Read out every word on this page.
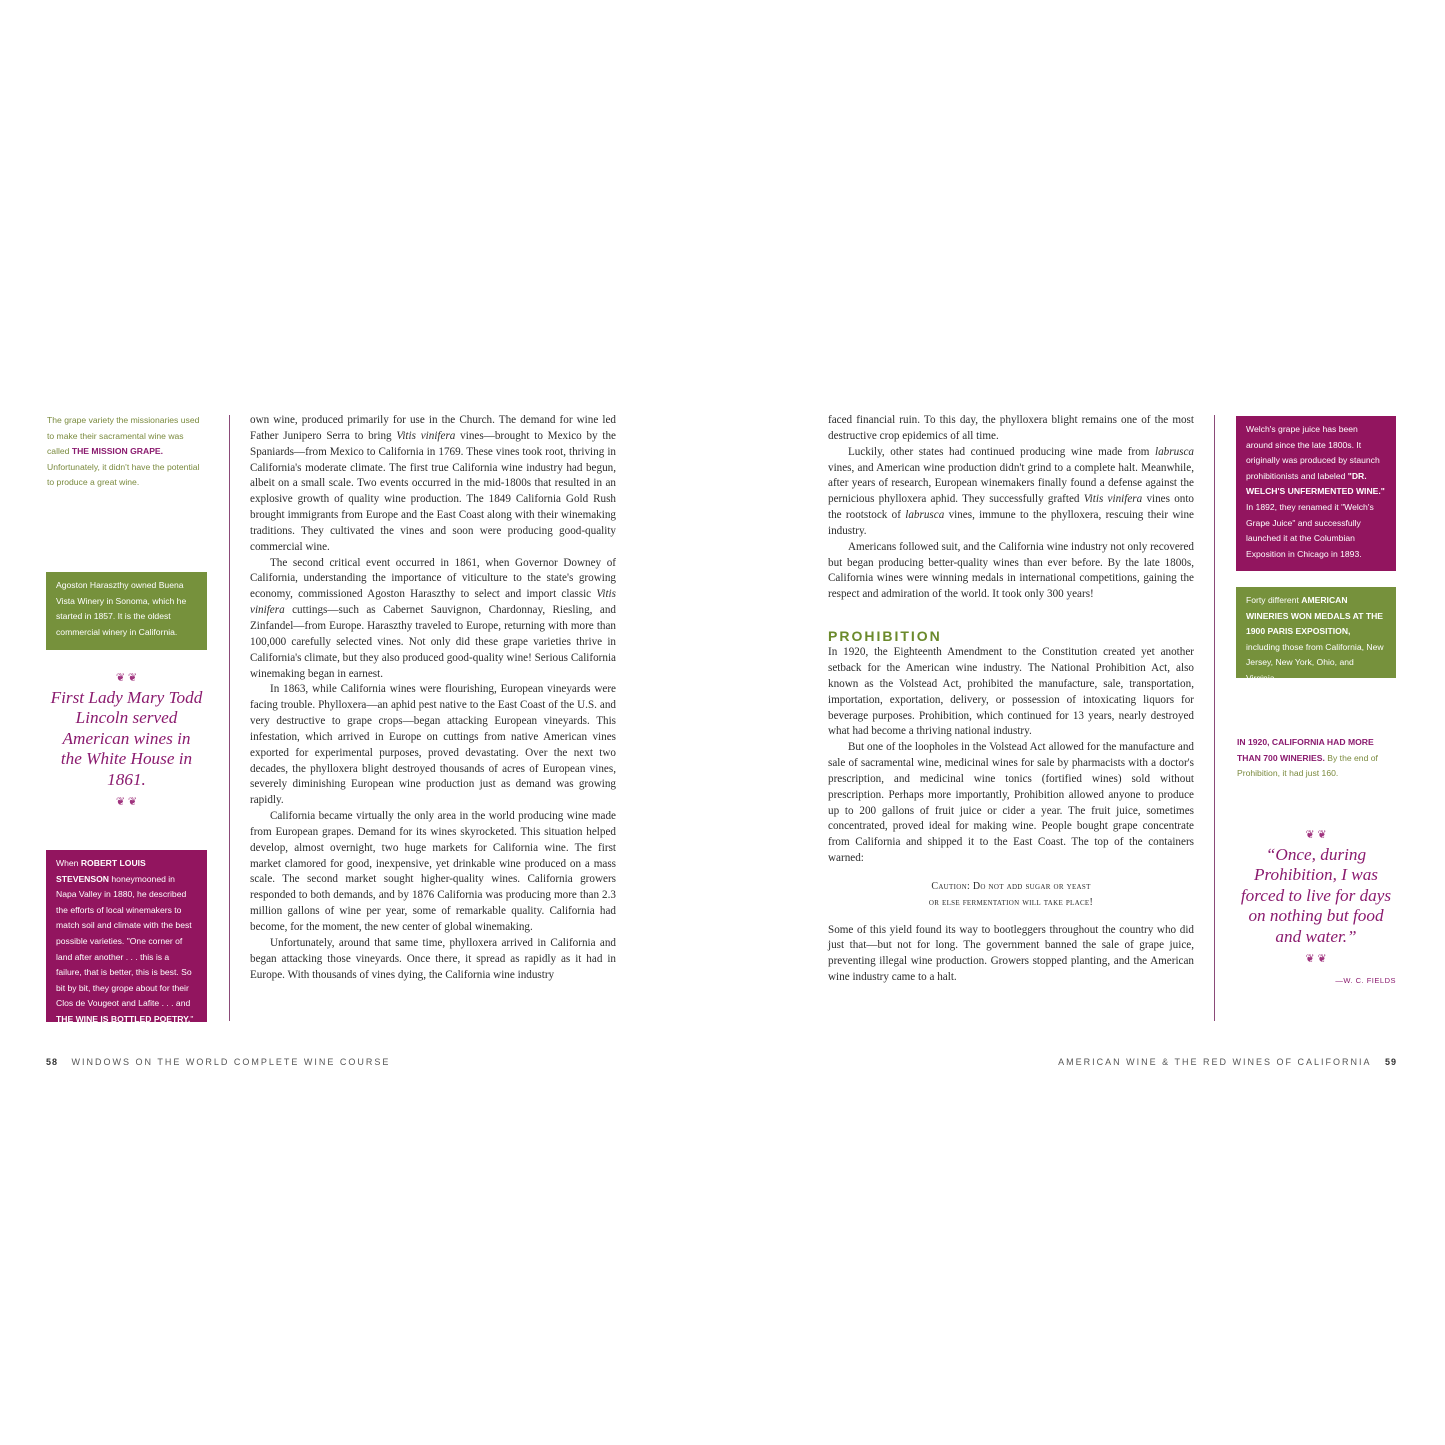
The grape variety the missionaries used to make their sacramental wine was called THE MISSION GRAPE. Unfortunately, it didn't have the potential to produce a great wine.
Agoston Haraszthy owned Buena Vista Winery in Sonoma, which he started in 1857. It is the oldest commercial winery in California.
❦ ❦
First Lady Mary Todd Lincoln served American wines in the White House in 1861.
❦ ❦
When ROBERT LOUIS STEVENSON honeymooned in Napa Valley in 1880, he described the efforts of local winemakers to match soil and climate with the best possible varieties. "One corner of land after another . . . this is a failure, that is better, this is best. So bit by bit, they grope about for their Clos de Vougeot and Lafite . . . and THE WINE IS BOTTLED POETRY."

own wine, produced primarily for use in the Church. The demand for wine led Father Junipero Serra to bring Vitis vinifera vines—brought to Mexico by the Spaniards—from Mexico to California in 1769. These vines took root, thriving in California's moderate climate. The first true California wine industry had begun, albeit on a small scale. Two events occurred in the mid-1800s that resulted in an explosive growth of quality wine production. The 1849 California Gold Rush brought immigrants from Europe and the East Coast along with their winemaking traditions. They cultivated the vines and soon were producing good-quality commercial wine.

The second critical event occurred in 1861, when Governor Downey of California, understanding the importance of viticulture to the state's growing economy, commissioned Agoston Haraszthy to select and import classic Vitis vinifera cuttings—such as Cabernet Sauvignon, Chardonnay, Riesling, and Zinfandel—from Europe. Haraszthy traveled to Europe, returning with more than 100,000 carefully selected vines. Not only did these grape varieties thrive in California's climate, but they also produced good-quality wine! Serious California winemaking began in earnest.

In 1863, while California wines were flourishing, European vineyards were facing trouble. Phylloxera—an aphid pest native to the East Coast of the U.S. and very destructive to grape crops—began attacking European vineyards. This infestation, which arrived in Europe on cuttings from native American vines exported for experimental purposes, proved devastating. Over the next two decades, the phylloxera blight destroyed thousands of acres of European vines, severely diminishing European wine production just as demand was growing rapidly.

California became virtually the only area in the world producing wine made from European grapes. Demand for its wines skyrocketed. This situation helped develop, almost overnight, two huge markets for California wine. The first market clamored for good, inexpensive, yet drinkable wine produced on a mass scale. The second market sought higher-quality wines. California growers responded to both demands, and by 1876 California was producing more than 2.3 million gallons of wine per year, some of remarkable quality. California had become, for the moment, the new center of global winemaking.

Unfortunately, around that same time, phylloxera arrived in California and began attacking those vineyards. Once there, it spread as rapidly as it had in Europe. With thousands of vines dying, the California wine industry

58 WINDOWS ON THE WORLD COMPLETE WINE COURSE

faced financial ruin. To this day, the phylloxera blight remains one of the most destructive crop epidemics of all time.

Luckily, other states had continued producing wine made from labrusca vines, and American wine production didn't grind to a complete halt. Meanwhile, after years of research, European winemakers finally found a defense against the pernicious phylloxera aphid. They successfully grafted Vitis vinifera vines onto the rootstock of labrusca vines, immune to the phylloxera, rescuing their wine industry.

Americans followed suit, and the California wine industry not only recovered but began producing better-quality wines than ever before. By the late 1800s, California wines were winning medals in international competitions, gaining the respect and admiration of the world. It took only 300 years!

PROHIBITION

In 1920, the Eighteenth Amendment to the Constitution created yet another setback for the American wine industry. The National Prohibition Act, also known as the Volstead Act, prohibited the manufacture, sale, transportation, importation, exportation, delivery, or possession of intoxicating liquors for beverage purposes. Prohibition, which continued for 13 years, nearly destroyed what had become a thriving national industry.

But one of the loopholes in the Volstead Act allowed for the manufacture and sale of sacramental wine, medicinal wines for sale by pharmacists with a doctor's prescription, and medicinal wine tonics (fortified wines) sold without prescription. Perhaps more importantly, Prohibition allowed anyone to produce up to 200 gallons of fruit juice or cider a year. The fruit juice, sometimes concentrated, proved ideal for making wine. People bought grape concentrate from California and shipped it to the East Coast. The top of the containers warned:

Caution: Do not add sugar or yeast
or else fermentation will take place!

Some of this yield found its way to bootleggers throughout the country who did just that—but not for long. The government banned the sale of grape juice, preventing illegal wine production. Growers stopped planting, and the American wine industry came to a halt.

Welch's grape juice has been around since the late 1800s. It originally was produced by staunch prohibitionists and labeled "DR. WELCH'S UNFERMENTED WINE." In 1892, they renamed it "Welch's Grape Juice" and successfully launched it at the Columbian Exposition in Chicago in 1893.
Forty different AMERICAN WINERIES WON MEDALS AT THE 1900 PARIS EXPOSITION, including those from California, New Jersey, New York, Ohio, and Virginia.
IN 1920, CALIFORNIA HAD MORE THAN 700 WINERIES. By the end of Prohibition, it had just 160.
❦ ❦
“Once, during Prohibition, I was forced to live for days on nothing but food and water.”
❦ ❦
—W. C. FIELDS
AMERICAN WINE & THE RED WINES OF CALIFORNIA 59
